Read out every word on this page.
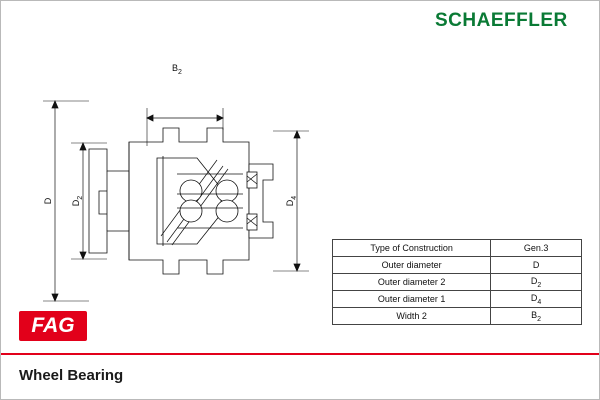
SCHAEFFLER
$B_2$
D $D_2$
$D_4$
Type of Construction	Gen.3
Outer diameter	D
Outer diameter 2	$D_2$
Outer diameter 1	$D_4$
Width 2	$B_2$
FAG
Wheel Bearing
